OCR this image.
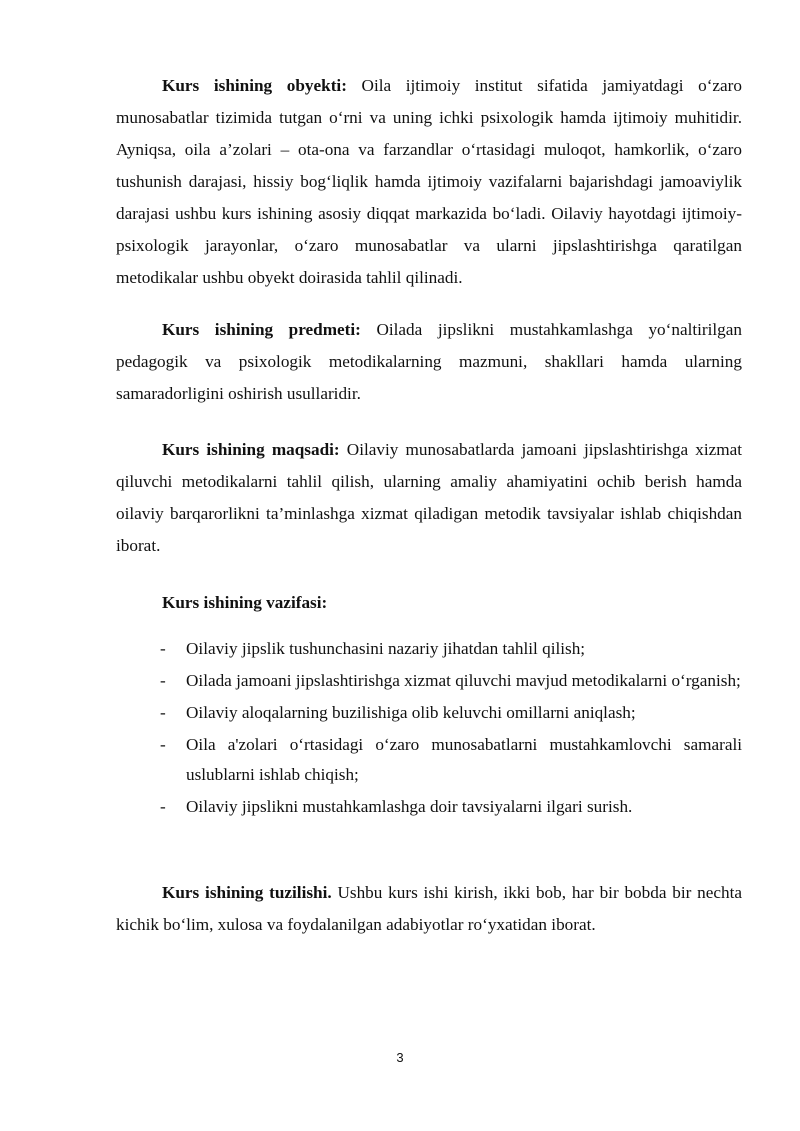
Kurs ishining obyekti: Oila ijtimoiy institut sifatida jamiyatdagi o‘zaro munosabatlar tizimida tutgan o‘rni va uning ichki psixologik hamda ijtimoiy muhitidir. Ayniqsa, oila a’zolari – ota-ona va farzandlar o‘rtasidagi muloqot, hamkorlik, o‘zaro tushunish darajasi, hissiy bog‘liqlik hamda ijtimoiy vazifalarni bajarishdagi jamoaviylik darajasi ushbu kurs ishining asosiy diqqat markazida bo‘ladi. Oilaviy hayotdagi ijtimoiy-psixologik jarayonlar, o‘zaro munosabatlar va ularni jipslashtirishga qaratilgan metodikalar ushbu obyekt doirasida tahlil qilinadi.

Kurs ishining predmeti: Oilada jipslikni mustahkamlashga yo‘naltirilgan pedagogik va psixologik metodikalarning mazmuni, shakllari hamda ularning samaradorligini oshirish usullaridir.

Kurs ishining maqsadi: Oilaviy munosabatlarda jamoani jipslashtirishga xizmat qiluvchi metodikalarni tahlil qilish, ularning amaliy ahamiyatini ochib berish hamda oilaviy barqarorlikni ta’minlashga xizmat qiladigan metodik tavsiyalar ishlab chiqishdan iborat.

Kurs ishining vazifasi:

- Oilaviy jipslik tushunchasini nazariy jihatdan tahlil qilish;
- Oilada jamoani jipslashtirishga xizmat qiluvchi mavjud metodikalarni o‘rganish;
- Oilaviy aloqalarning buzilishiga olib keluvchi omillarni aniqlash;
- Oila a'zolari o‘rtasidagi o‘zaro munosabatlarni mustahkamlovchi samarali uslublarni ishlab chiqish;
- Oilaviy jipslikni mustahkamlashga doir tavsiyalarni ilgari surish.

Kurs ishining tuzilishi. Ushbu kurs ishi kirish, ikki bob, har bir bobda bir nechta kichik bo‘lim, xulosa va foydalanilgan adabiyotlar ro‘yxatidan iborat.

3
